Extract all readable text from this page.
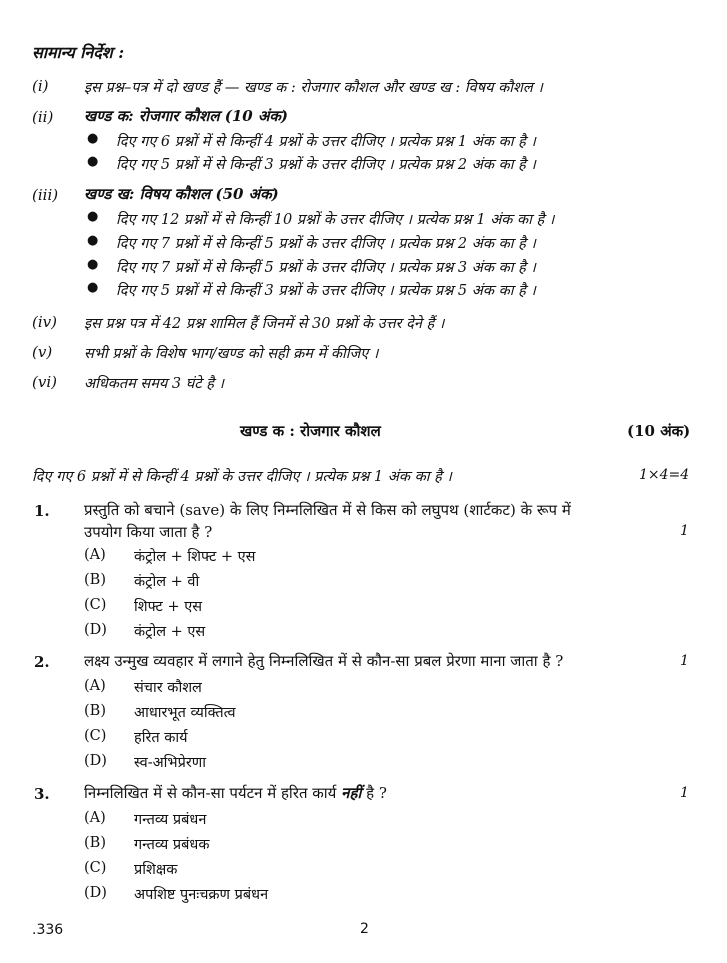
सामान्य निर्देश :
(i) इस प्रश्न–पत्र में दो खण्ड हैं — खण्ड क : रोजगार कौशल और खण्ड ख : विषय कौशल ।
(ii) खण्ड क: रोजगार कौशल (10 अंक)
● दिए गए 6 प्रश्नों में से किन्हीं 4 प्रश्नों के उत्तर दीजिए । प्रत्येक प्रश्न 1 अंक का है ।
● दिए गए 5 प्रश्नों में से किन्हीं 3 प्रश्नों के उत्तर दीजिए । प्रत्येक प्रश्न 2 अंक का है ।
(iii) खण्ड ख: विषय कौशल (50 अंक)
● दिए गए 12 प्रश्नों में से किन्हीं 10 प्रश्नों के उत्तर दीजिए । प्रत्येक प्रश्न 1 अंक का है ।
● दिए गए 7 प्रश्नों में से किन्हीं 5 प्रश्नों के उत्तर दीजिए । प्रत्येक प्रश्न 2 अंक का है ।
● दिए गए 7 प्रश्नों में से किन्हीं 5 प्रश्नों के उत्तर दीजिए । प्रत्येक प्रश्न 3 अंक का है ।
● दिए गए 5 प्रश्नों में से किन्हीं 3 प्रश्नों के उत्तर दीजिए । प्रत्येक प्रश्न 5 अंक का है ।
(iv) इस प्रश्न पत्र में 42 प्रश्न शामिल हैं जिनमें से 30 प्रश्नों के उत्तर देने हैं ।
(v) सभी प्रश्नों के विशेष भाग/खण्ड को सही क्रम में कीजिए ।
(vi) अधिकतम समय 3 घंटे है ।
खण्ड क : रोजगार कौशल	(10 अंक)
दिए गए 6 प्रश्नों में से किन्हीं 4 प्रश्नों के उत्तर दीजिए । प्रत्येक प्रश्न 1 अंक का है ।	1×4=4
1. प्रस्तुति को बचाने (save) के लिए निम्नलिखित में से किस को लघुपथ (शार्टकट) के रूप में
उपयोग किया जाता है ?	1
(A) कंट्रोल + शिफ्ट + एस
(B) कंट्रोल + वी
(C) शिफ्ट + एस
(D) कंट्रोल + एस
2. लक्ष्य उन्मुख व्यवहार में लगाने हेतु निम्नलिखित में से कौन-सा प्रबल प्रेरणा माना जाता है ?	1
(A) संचार कौशल
(B) आधारभूत व्यक्तित्व
(C) हरित कार्य
(D) स्व-अभिप्रेरणा
3. निम्नलिखित में से कौन-सा पर्यटन में हरित कार्य नहीं है ?	1
(A) गन्तव्य प्रबंधन
(B) गन्तव्य प्रबंधक
(C) प्रशिक्षक
(D) अपशिष्ट पुनःचक्रण प्रबंधन
.336	2
